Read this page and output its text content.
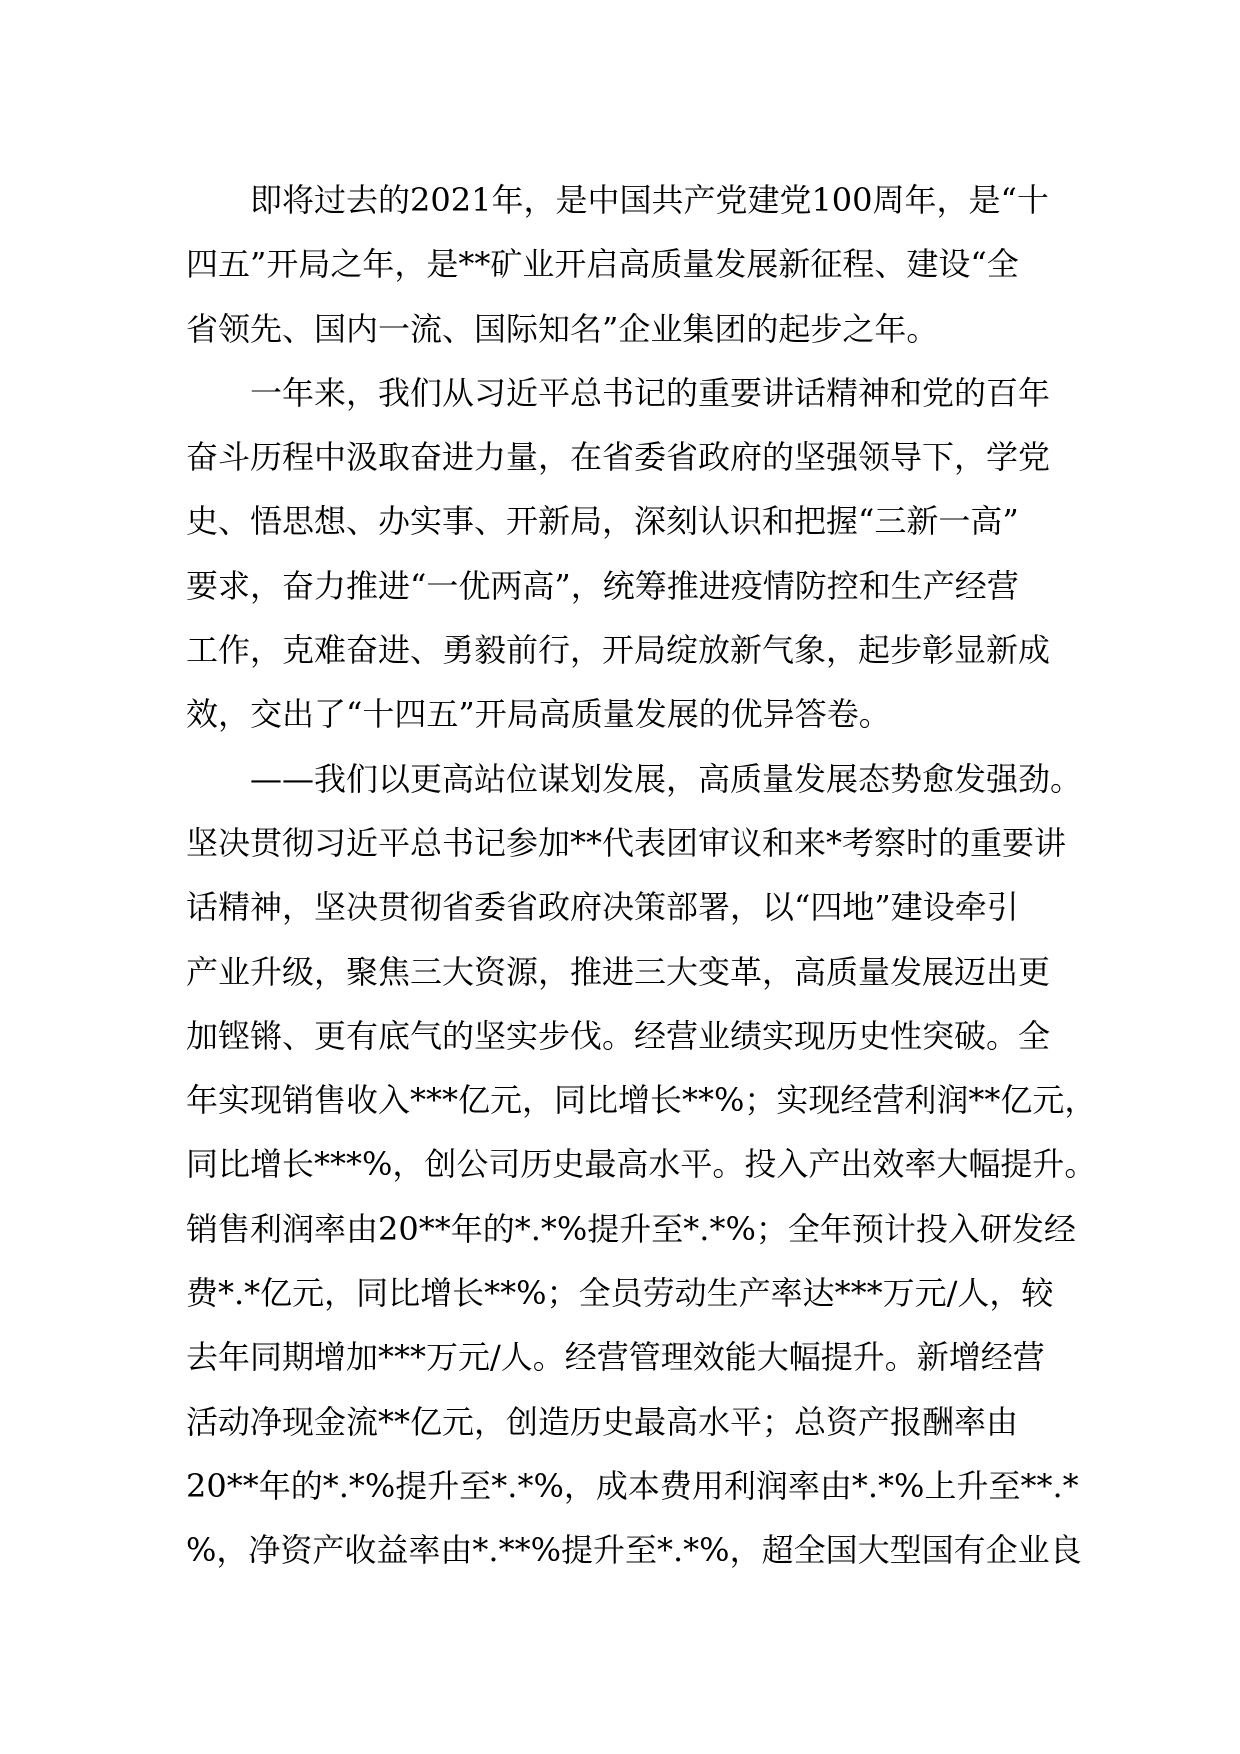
　　即将过去的2021年，是中国共产党建党100周年，是“十
四五”开局之年，是**矿业开启高质量发展新征程、建设“全
省领先、国内一流、国际知名”企业集团的起步之年。
　　一年来，我们从习近平总书记的重要讲话精神和党的百年
奋斗历程中汲取奋进力量，在省委省政府的坚强领导下，学党
史、悟思想、办实事、开新局，深刻认识和把握“三新一高”
要求，奋力推进“一优两高”，统筹推进疫情防控和生产经营
工作，克难奋进、勇毅前行，开局绽放新气象，起步彰显新成
效，交出了“十四五”开局高质量发展的优异答卷。
　　——我们以更高站位谋划发展，高质量发展态势愈发强劲。
坚决贯彻习近平总书记参加**代表团审议和来*考察时的重要讲
话精神，坚决贯彻省委省政府决策部署，以“四地”建设牵引
产业升级，聚焦三大资源，推进三大变革，高质量发展迈出更
加铿锵、更有底气的坚实步伐。经营业绩实现历史性突破。全
年实现销售收入***亿元，同比增长**%；实现经营利润**亿元，
同比增长***%，创公司历史最高水平。投入产出效率大幅提升。
销售利润率由20**年的*.*%提升至*.*%；全年预计投入研发经
费*.*亿元，同比增长**%；全员劳动生产率达***万元/人，较
去年同期增加***万元/人。经营管理效能大幅提升。新增经营
活动净现金流**亿元，创造历史最高水平；总资产报酬率由
20**年的*.*%提升至*.*%，成本费用利润率由*.*%上升至**.*
%，净资产收益率由*.**%提升至*.*%，超全国大型国有企业良
